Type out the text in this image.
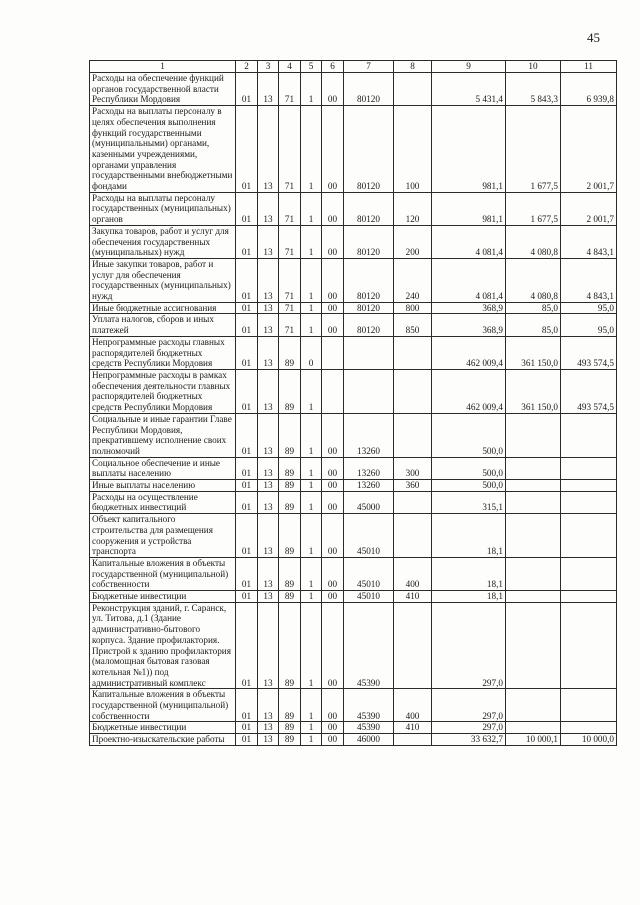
45
1	2	3	4	5	6	7	8	9	10	11
Расходы на обеспечение функций органов государственной власти Республики Мордовия	01	13	71	1	00	80120		5 431,4	5 843,3	6 939,8
Расходы на выплаты персоналу в целях обеспечения выполнения функций государственными (муниципальными) органами, казенными учреждениями, органами управления государственными внебюджетными фондами	01	13	71	1	00	80120	100	981,1	1 677,5	2 001,7
Расходы на выплаты персоналу государственных (муниципальных) органов	01	13	71	1	00	80120	120	981,1	1 677,5	2 001,7
Закупка товаров, работ и услуг для обеспечения государственных (муниципальных) нужд	01	13	71	1	00	80120	200	4 081,4	4 080,8	4 843,1
Иные закупки товаров, работ и услуг для обеспечения государственных (муниципальных) нужд	01	13	71	1	00	80120	240	4 081,4	4 080,8	4 843,1
Иные бюджетные ассигнования	01	13	71	1	00	80120	800	368,9	85,0	95,0
Уплата налогов, сборов и иных платежей	01	13	71	1	00	80120	850	368,9	85,0	95,0
Непрограммные расходы главных распорядителей бюджетных средств Республики Мордовия	01	13	89	0				462 009,4	361 150,0	493 574,5
Непрограммные расходы в рамках обеспечения деятельности главных распорядителей бюджетных средств Республики Мордовия	01	13	89	1				462 009,4	361 150,0	493 574,5
Социальные и иные гарантии Главе Республики Мордовия, прекратившему исполнение своих полномочий	01	13	89	1	00	13260		500,0		
Социальное обеспечение и иные выплаты населению	01	13	89	1	00	13260	300	500,0		
Иные выплаты населению	01	13	89	1	00	13260	360	500,0		
Расходы на осуществление бюджетных инвестиций	01	13	89	1	00	45000		315,1		
Объект капитального строительства для размещения сооружения и устройства транспорта	01	13	89	1	00	45010		18,1		
Капитальные вложения в объекты государственной (муниципальной) собственности	01	13	89	1	00	45010	400	18,1		
Бюджетные инвестиции	01	13	89	1	00	45010	410	18,1		
Реконструкция зданий, г. Саранск, ул. Титова, д.1 (Здание административно-бытового корпуса. Здание профилактория. Пристрой к зданию профилактория (маломощная бытовая газовая котельная №1)) под административный комплекс	01	13	89	1	00	45390		297,0		
Капитальные вложения в объекты государственной (муниципальной) собственности	01	13	89	1	00	45390	400	297,0		
Бюджетные инвестиции	01	13	89	1	00	45390	410	297,0		
Проектно-изыскательские работы	01	13	89	1	00	46000		33 632,7	10 000,1	10 000,0
